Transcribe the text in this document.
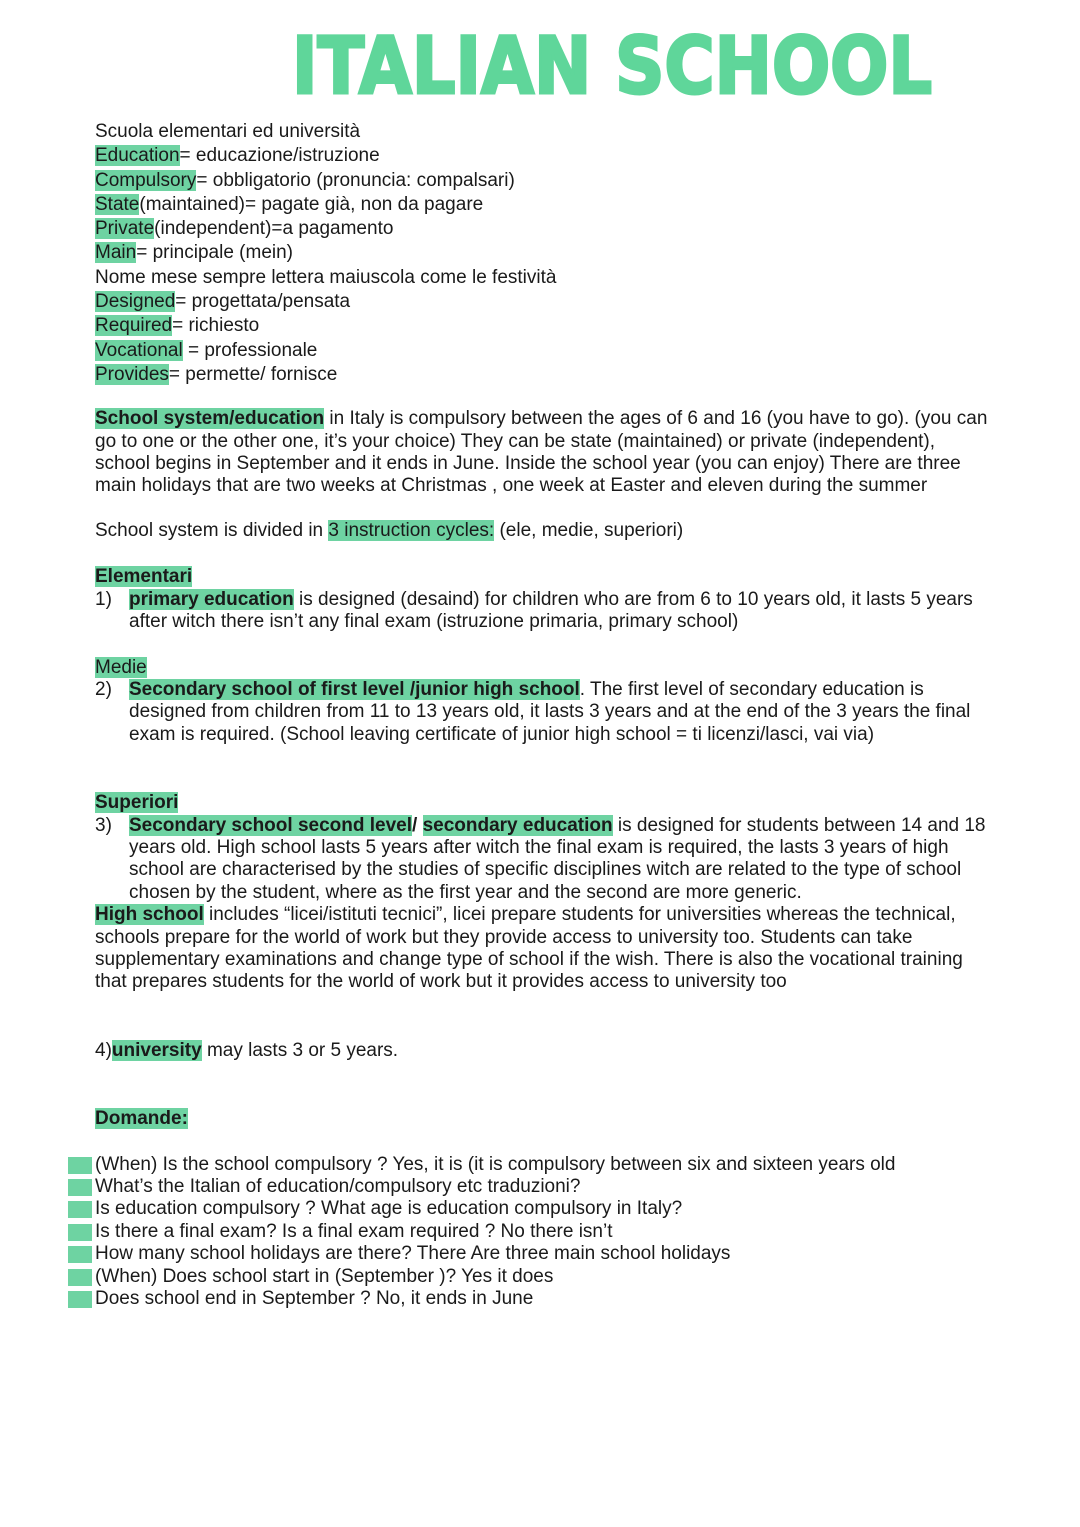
ITALIAN SCHOOL
Scuola elementari ed università
Education= educazione/istruzione
Compulsory= obbligatorio (pronuncia: compalsari)
State(maintained)= pagate già, non da pagare
Private(independent)=a pagamento
Main= principale (mein)
Nome mese sempre lettera maiuscola come le festività
Designed= progettata/pensata
Required= richiesto
Vocational = professionale
Provides= permette/ fornisce

School system/education in Italy is compulsory between the ages of 6 and 16 (you have to go). (you can go to one or the other one, it’s your choice) They can be state (maintained) or private (independent), school begins in September and it ends in June. Inside the school year (you can enjoy) There are three main holidays that are two weeks at Christmas , one week at Easter and eleven during the summer

School system is divided in 3 instruction cycles: (ele, medie, superiori)

Elementari
1) primary education is designed (desaind) for children who are from 6 to 10 years old, it lasts 5 years after witch there isn’t any final exam (istruzione primaria, primary school)
Medie
2) Secondary school of first level /junior high school. The first level of secondary education is designed from children from 11 to 13 years old, it lasts 3 years and at the end of the 3 years the final exam is required. (School leaving certificate of junior high school = ti licenzi/lasci, vai via)
Superiori
3) Secondary school second level/ secondary education is designed for students between 14 and 18 years old. High school lasts 5 years after witch the final exam is required, the lasts 3 years of high school are characterised by the studies of specific disciplines witch are related to the type of school chosen by the student, where as the first year and the second are more generic.

High school includes “licei/istituti tecnici”, licei prepare students for universities whereas the technical, schools prepare for the world of work but they provide access to university too. Students can take supplementary examinations and change type of school if the wish. There is also the vocational training that prepares students for the world of work but it provides access to university too

4)university may lasts 3 or 5 years.

Domande:
(When) Is the school compulsory ? Yes, it is (it is compulsory between six and sixteen years old
What’s the Italian of education/compulsory etc traduzioni?
Is education compulsory ? What age is education compulsory in Italy?
Is there a final exam? Is a final exam required ? No there isn’t
How many school holidays are there? There Are three main school holidays
(When) Does school start in (September )? Yes it does
Does school end in September ? No, it ends in June
